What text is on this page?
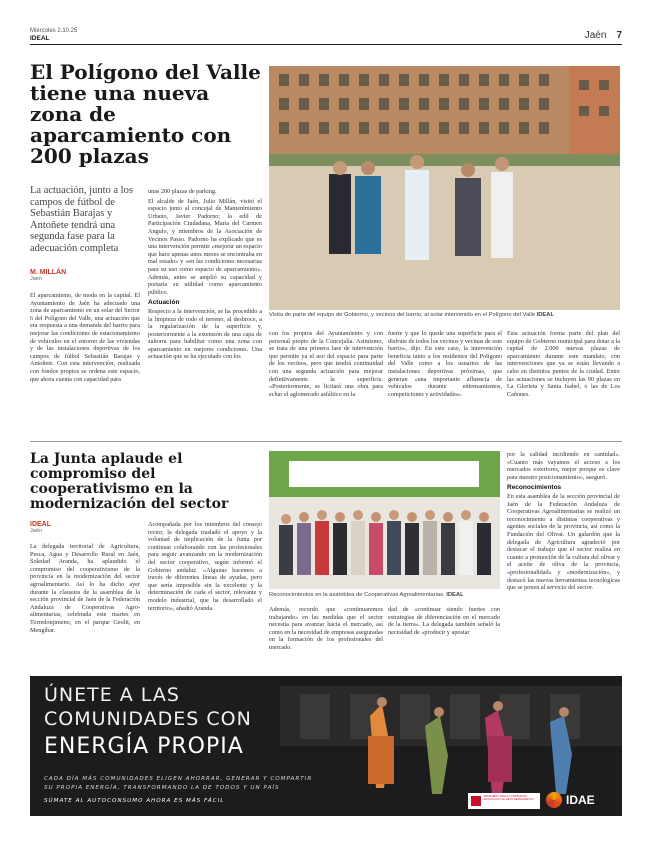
Miércoles 2.10.25
IDEAL	Jaén 7
El Polígono del Valle tiene una nueva zona de aparcamiento con 200 plazas
Visita de parte del equipo de Gobierno, y vecinos del barrio, al solar intervenido en el Polígono del Valle IDEAL
La actuación, junto a los campos de fútbol de Sebastián Barajas y Antoñete tendrá una segunda fase para la adecuación completa
M. MILLÁN
Jaén

El aparcamiento, de moda en la capital. El Ayuntamiento de Jaén ha adecuado una zona de aparcamiento en un solar del Sector 6 del Polígono del Valle, una actuación que era respuesta a una demanda del barrio para mejorar las condiciones de estacionamiento de vehículos en el entorno de las viviendas y de las instalaciones deportivas de los campos de fútbol Sebastián Barajas y Antoñete. Con esta intervención, realizada con fondos propios se ordena este espacio, que ahora cuenta con capacidad para

unas 200 plazas de parking.

El alcalde de Jaén, Julio Millán, visitó el espacio junto al concejal de Mantenimiento Urbano, Javier Padorno; la edil de Participación Ciudadana, María del Carmen Angulo, y miembros de la Asociación de Vecinos Passo. Padorno ha explicado que es una intervención permite «mejorar un espacio que hace apenas unos meses se encontraba en mal estado» y «en las condiciones necesarias para su uso como espacio de aparcamiento». Además, antes se amplió su capacidad y portaría su utilidad como aparcamiento público.

Actuación

Respecto a la intervención, se ha procedido a la limpieza de todo el terreno, al desbroce, a la regularización de la superficie y, posteriormente a la extensión de una capa de zahorra para habilitar como una zona con aparcamiento en mejores condiciones. Una actuación que se ha ejecutado con los

con los propios del Ayuntamiento y con personal propio de la Concejalía. Asimismo, se trata de una primera fase de intervención que permite ya el uso del espacio para parte de los vecinos, pero que tendrá continuidad con una segunda actuación para mejorar definitivamente la superficie. «Posteriormente, se licitará una obra para echar el aglomerado asfáltico en la

fuerte y que lo quede una superficie para el disfrute de todos los vecinos y vecinas de este barrio», dijo. En este caso, la intervención beneficia tanto a los residentes del Polígono del Valle como a los usuarios de las instalaciones deportivas próximas, que generan «una importante afluencia de vehículos durante entrenamientos, competiciones y actividades».

Esta actuación forma parte del plan del equipo de Gobierno municipal para dotar a la capital de 2.000 nuevas plazas de aparcamiento durante este mandato, con intervenciones que ya se están llevando a cabo en distintos puntos de la ciudad. Entre las actuaciones se incluyen las 90 plazas en La Glorieta y Santa Isabel, o las de Los Cañones.

La Junta aplaude el compromiso del cooperativismo en la modernización del sector
IDEAL
Jaén

La delegada territorial de Agricultura, Pesca, Agua y Desarrollo Rural en Jaén, Soledad Aranda, ha aplaudido el compromiso del cooperativismo de la provincia en la modernización del sector agroalimentario. Así lo ha dicho ayer durante la clausura de la asamblea de la sección provincial de Jaén de la Federación Andaluza de Cooperativas Agro-alimentarias, celebrada este martes en Torredonjimeno, en el parque Geolit, en Mengíbar.

Acompañada por los miembros del consejo rector, la delegada trasladó el apoyo y la voluntad de implicación de la Junta por continuar colaborando con las profesionales para seguir avanzando en la modernización del sector cooperativo, según informó el Gobierno andaluz. «Algunas hacemos a través de diferentes líneas de ayudas, pero que sería imposible sin la excelente y la determinación de cada el sector, relevante y modelo industrial, que ha desarrollado el territorio», añadió Aranda.

Reconocimientos en la asamblea de Cooperativas Agroalimentarias. IDEAL

Además, recordó que «continuaremos trabajando» en las medidas que el sector necesita para avanzar hacia el mercado, así como en la necesidad de empresas aseguradas en la formación de los profesionales del mercado.

dad de «continuar siendo fuertes con estrategias de diferenciación en el mercado de la tierra». La delegada también señaló la necesidad de «producir y apostar

por la calidad incidiendo en cantidad». «Cuanto más vayamos el acceso a los mercados exteriores, mejor porque es clave para nuestro posicionamiento», aseguró.

Reconocimientos

En esta asamblea de la sección provincial de Jaén de la Federación Andaluza de Cooperativas Agroalimentarias se realizó un reconocimiento a distintas cooperativas y agentes sociales de la provincia, así como la Fundación del Olivar. Un galardón que la delegada de Agricultura agradeció por destacar el trabajo que el sector realiza en cuanto a promoción de la cultura del olivar y el aceite de oliva de la provincia, «profesionalidad» y «modernización», y destacó las nuevas herramientas tecnológicas que se ponen al servicio del sector.

ÚNETE A LAS
COMUNIDADES CON
ENERGÍA PROPIA
CADA DÍA MÁS COMUNIDADES ELIGEN AHORRAR, GENERAR Y COMPARTIR
SU PROPIA ENERGÍA, TRANSFORMANDO LA DE TODOS Y UN PAÍS
SÚMATE AL AUTOCONSUMO AHORA ES MÁS FÁCIL
MINISTERIO PARA LA TRANSICIÓN ECOLÓGICA Y EL RETO DEMOGRÁFICO	IDAE
